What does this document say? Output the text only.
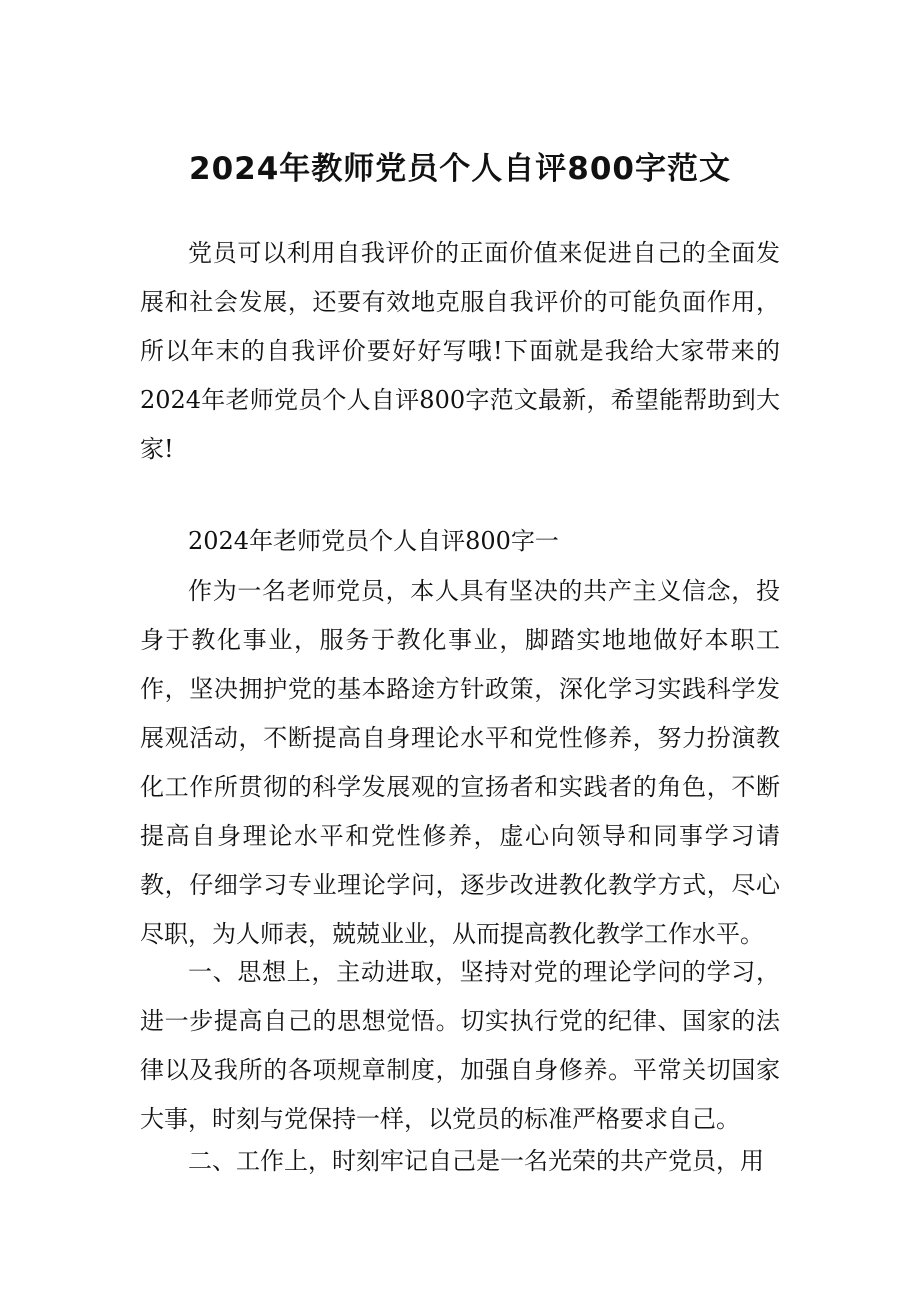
2024年教师党员个人自评800字范文

党员可以利用自我评价的正面价值来促进自己的全面发展和社会发展，还要有效地克服自我评价的可能负面作用，所以年末的自我评价要好好写哦!下面就是我给大家带来的2024年老师党员个人自评800字范文最新，希望能帮助到大家!

2024年老师党员个人自评800字一

作为一名老师党员，本人具有坚决的共产主义信念，投身于教化事业，服务于教化事业，脚踏实地地做好本职工作，坚决拥护党的基本路途方针政策，深化学习实践科学发展观活动，不断提高自身理论水平和党性修养，努力扮演教化工作所贯彻的科学发展观的宣扬者和实践者的角色，不断提高自身理论水平和党性修养，虚心向领导和同事学习请教，仔细学习专业理论学问，逐步改进教化教学方式，尽心尽职，为人师表，兢兢业业，从而提高教化教学工作水平。

一、思想上，主动进取，坚持对党的理论学问的学习，进一步提高自己的思想觉悟。切实执行党的纪律、国家的法律以及我所的各项规章制度，加强自身修养。平常关切国家大事，时刻与党保持一样，以党员的标准严格要求自己。

二、工作上，时刻牢记自己是一名光荣的共产党员，用
